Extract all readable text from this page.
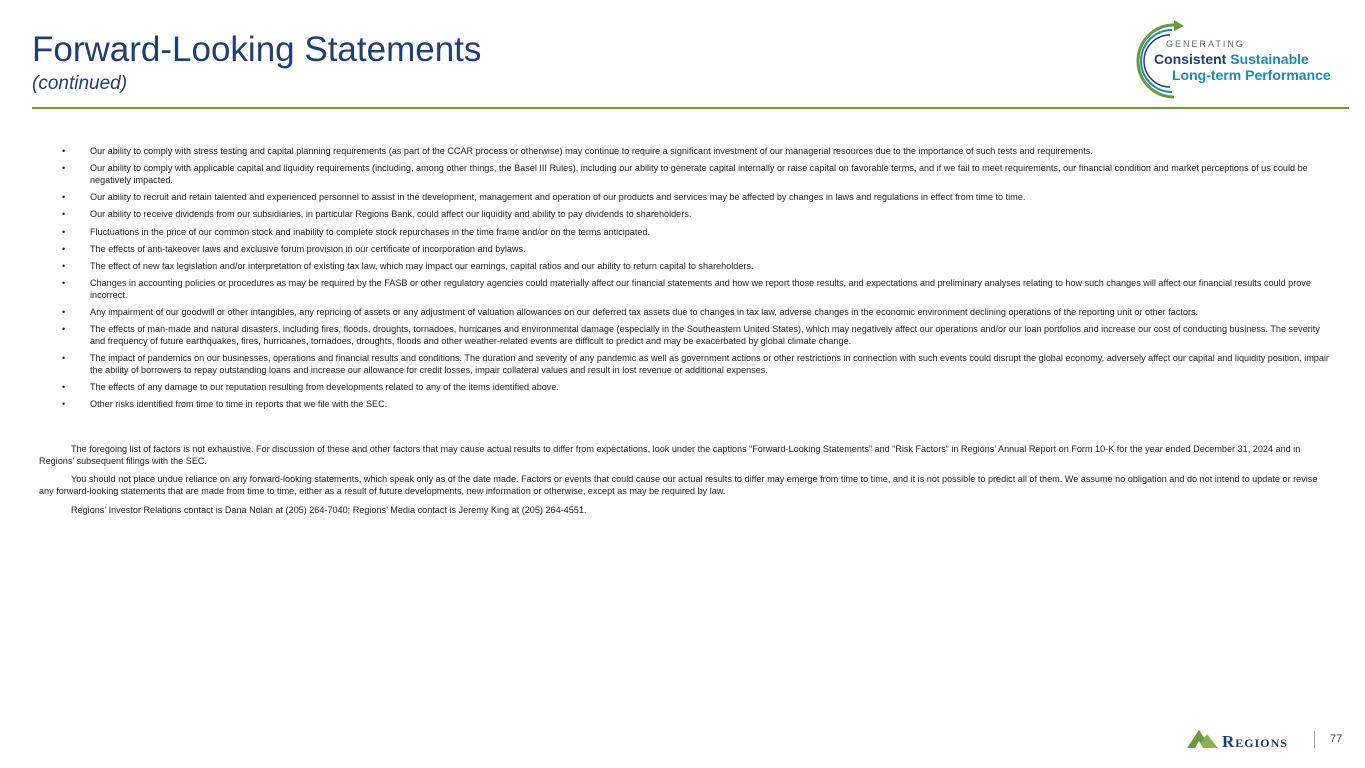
Forward-Looking Statements
(continued)
GENERATING
Consistent Sustainable
Long-term Performance
•	Our ability to comply with stress testing and capital planning requirements (as part of the CCAR process or otherwise) may continue to require a significant investment of our managerial resources due to the importance of such tests and requirements.
•	Our ability to comply with applicable capital and liquidity requirements (including, among other things, the Basel III Rules), including our ability to generate capital internally or raise capital on favorable terms, and if we fail to meet requirements, our financial condition and market perceptions of us could be negatively impacted.
•	Our ability to recruit and retain talented and experienced personnel to assist in the development, management and operation of our products and services may be affected by changes in laws and regulations in effect from time to time.
•	Our ability to receive dividends from our subsidiaries, in particular Regions Bank, could affect our liquidity and ability to pay dividends to shareholders.
•	Fluctuations in the price of our common stock and inability to complete stock repurchases in the time frame and/or on the terms anticipated.
•	The effects of anti-takeover laws and exclusive forum provision in our certificate of incorporation and bylaws.
•	The effect of new tax legislation and/or interpretation of existing tax law, which may impact our earnings, capital ratios and our ability to return capital to shareholders.
•	Changes in accounting policies or procedures as may be required by the FASB or other regulatory agencies could materially affect our financial statements and how we report those results, and expectations and preliminary analyses relating to how such changes will affect our financial results could prove incorrect.
•	Any impairment of our goodwill or other intangibles, any repricing of assets or any adjustment of valuation allowances on our deferred tax assets due to changes in tax law, adverse changes in the economic environment declining operations of the reporting unit or other factors.
•	The effects of man-made and natural disasters, including fires, floods, droughts, tornadoes, hurricanes and environmental damage (especially in the Southeastern United States), which may negatively affect our operations and/or our loan portfolios and increase our cost of conducting business. The severity and frequency of future earthquakes, fires, hurricanes, tornadoes, droughts, floods and other weather-related events are difficult to predict and may be exacerbated by global climate change.
•	The impact of pandemics on our businesses, operations and financial results and conditions. The duration and severity of any pandemic as well as government actions or other restrictions in connection with such events could disrupt the global economy, adversely affect our capital and liquidity position, impair the ability of borrowers to repay outstanding loans and increase our allowance for credit losses, impair collateral values and result in lost revenue or additional expenses.
•	The effects of any damage to our reputation resulting from developments related to any of the items identified above.
•	Other risks identified from time to time in reports that we file with the SEC.

The foregoing list of factors is not exhaustive. For discussion of these and other factors that may cause actual results to differ from expectations, look under the captions “Forward-Looking Statements” and “Risk Factors” in Regions’ Annual Report on Form 10-K for the year ended December 31, 2024 and in Regions’ subsequent filings with the SEC.

You should not place undue reliance on any forward-looking statements, which speak only as of the date made. Factors or events that could cause our actual results to differ may emerge from time to time, and it is not possible to predict all of them. We assume no obligation and do not intend to update or revise any forward-looking statements that are made from time to time, either as a result of future developments, new information or otherwise, except as may be required by law.

Regions’ Investor Relations contact is Dana Nolan at (205) 264-7040; Regions’ Media contact is Jeremy King at (205) 264-4551.

Regions	77
